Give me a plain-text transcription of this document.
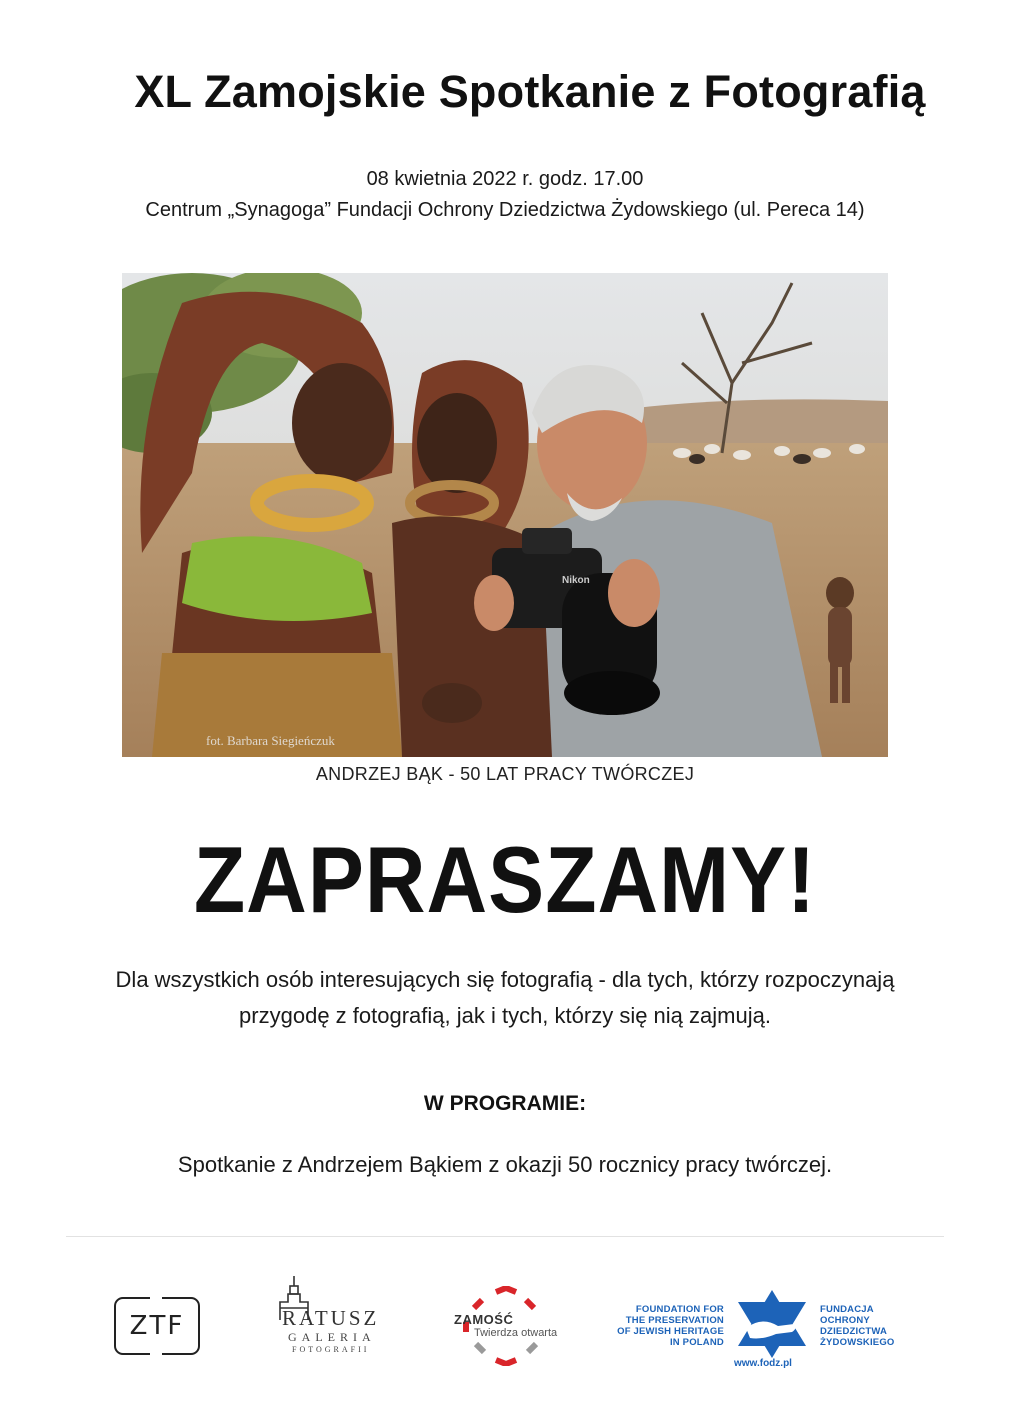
XL Zamojskie Spotkanie z Fotografią
08 kwietnia 2022 r. godz. 17.00
Centrum „Synagoga” Fundacji Ochrony Dziedzictwa Żydowskiego (ul. Pereca 14)
Nikon
fot. Barbara Siegieńczuk
ANDRZEJ BĄK - 50 LAT PRACY TWÓRCZEJ
ZAPRASZAMY!
Dla wszystkich osób interesujących się fotografią - dla tych, którzy rozpoczynają przygodę z fotografią, jak i tych, którzy się nią zajmują.
W PROGRAMIE:
Spotkanie z Andrzejem Bąkiem z okazji 50 rocznicy pracy twórczej.
ZTF	RATUSZ
GALERIA
FOTOGRAFII
ZAMOŚĆ
Twierdza otwarta
FOUNDATION FOR
THE PRESERVATION
OF JEWISH HERITAGE
IN POLAND
FUNDACJA
OCHRONY
DZIEDZICTWA
ŻYDOWSKIEGO
www.fodz.pl
